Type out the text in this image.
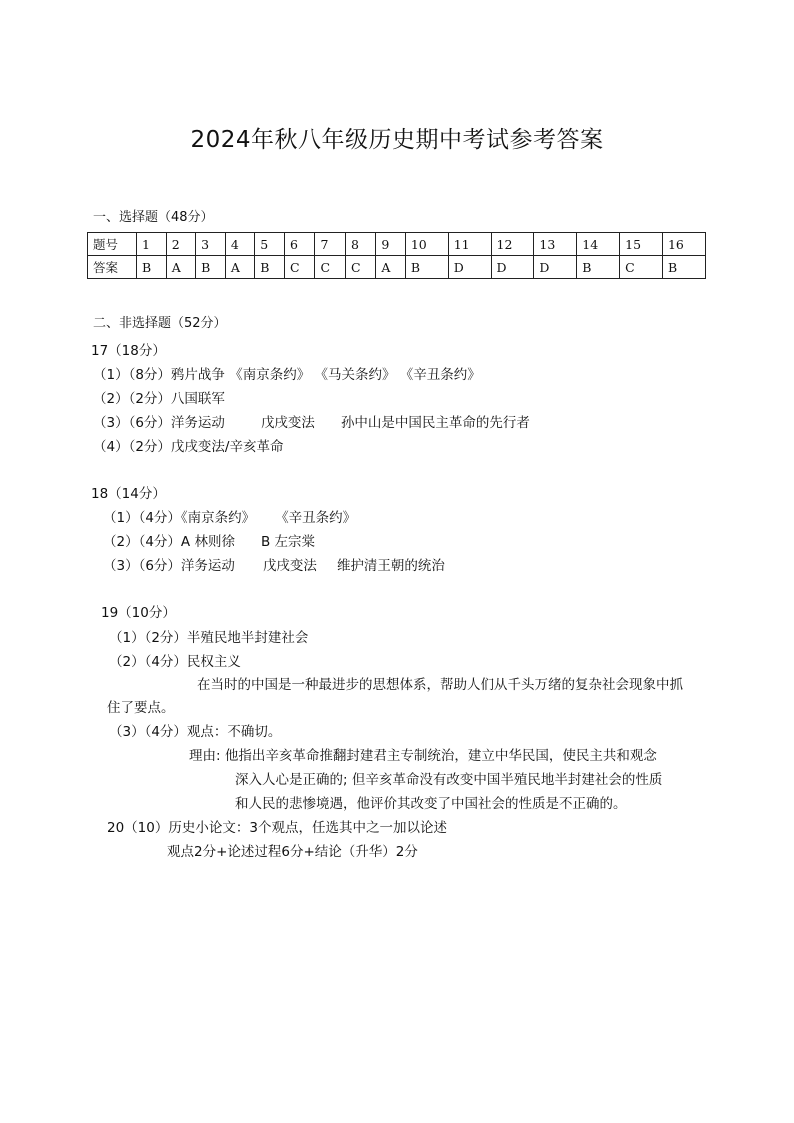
2024年秋八年级历史期中考试参考答案
一、选择题（48分）
题号	1	2	3	4	5	6	7	8	9	10	11	12	13	14	15	16
答案	B	A	B	A	B	C	C	C	A	B	D	D	D	B	C	B
二、非选择题（52分）
17（18分）
（1）（8分）鸦片战争 《南京条约》 《马关条约》 《辛丑条约》
（2）（2分）八国联军
（3）（6分）洋务运动	戊戌变法 孙中山是中国民主革命的先行者
（4）（2分）戊戌变法/辛亥革命
18（14分）
（1）（4分）《南京条约》 《辛丑条约》
（2）（4分）A 林则徐 B 左宗棠
（3）（6分）洋务运动 戊戌变法 维护清王朝的统治
19（10分）
（1）（2分）半殖民地半封建社会
（2）（4分）民权主义
在当时的中国是一种最进步的思想体系，帮助人们从千头万绪的复杂社会现象中抓
住了要点。
（3）（4分）观点：不确切。
理由: 他指出辛亥革命推翻封建君主专制统治，建立中华民国，使民主共和观念
深入人心是正确的; 但辛亥革命没有改变中国半殖民地半封建社会的性质
和人民的悲惨境遇，他评价其改变了中国社会的性质是不正确的。
20（10）历史小论文：3个观点，任选其中之一加以论述
观点2分+论述过程6分+结论（升华）2分
